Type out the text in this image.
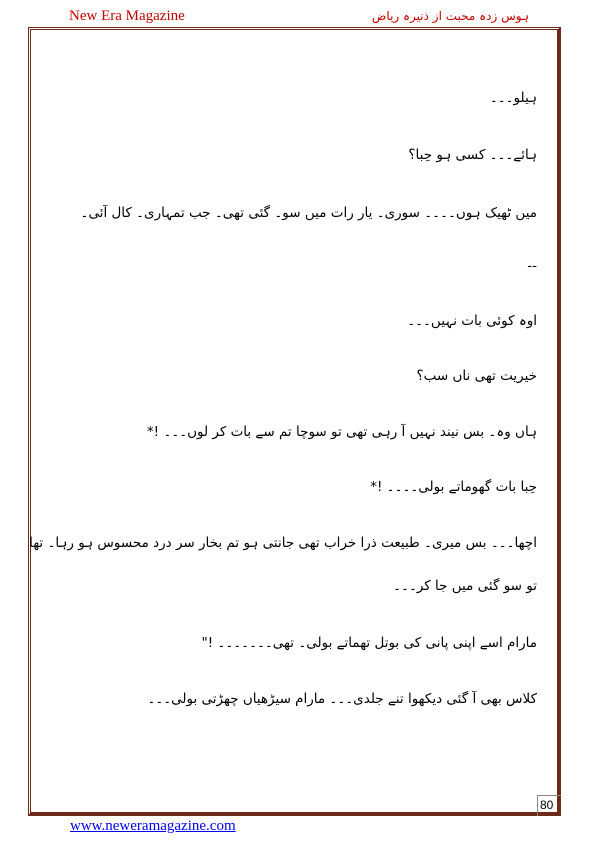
New Era Magazine	ہوس زدہ محبت از ذنیرہ ریاض
ہیلو۔۔۔
ہائے۔۔۔ کسی ہو حِبا؟
میں ٹھیک ہوں۔۔۔۔ سوری۔ یار رات میں سو۔ گئی تھی۔ جب تمہاری۔ کال آئی۔
--
اوہ کوئی بات نہیں۔۔۔
خیریت تھی ناں سب؟
ہاں وہ۔ بس نیند نہیں آ رہی تھی تو سوچا تم سے بات کر لوں۔۔۔ !*
حِبا بات گھوماتے بولی۔۔۔۔ !*
اچھا۔۔۔ بس میری۔ طبیعت ذرا خراب تھی جانتی ہو تم بخار سر درد محسوس ہو رہا۔ تھا
تو سو گئی میں جا کر۔۔۔
مارام اسے اپنی پانی کی بوتل تھماتے بولی۔ تھی۔۔۔۔۔۔۔ !"
کلاس بھی آ گئی دیکھوا تنے جلدی۔۔۔ مارام سیڑھیاں چھڑتی بولی۔۔۔
80
www.neweramagazine.com
